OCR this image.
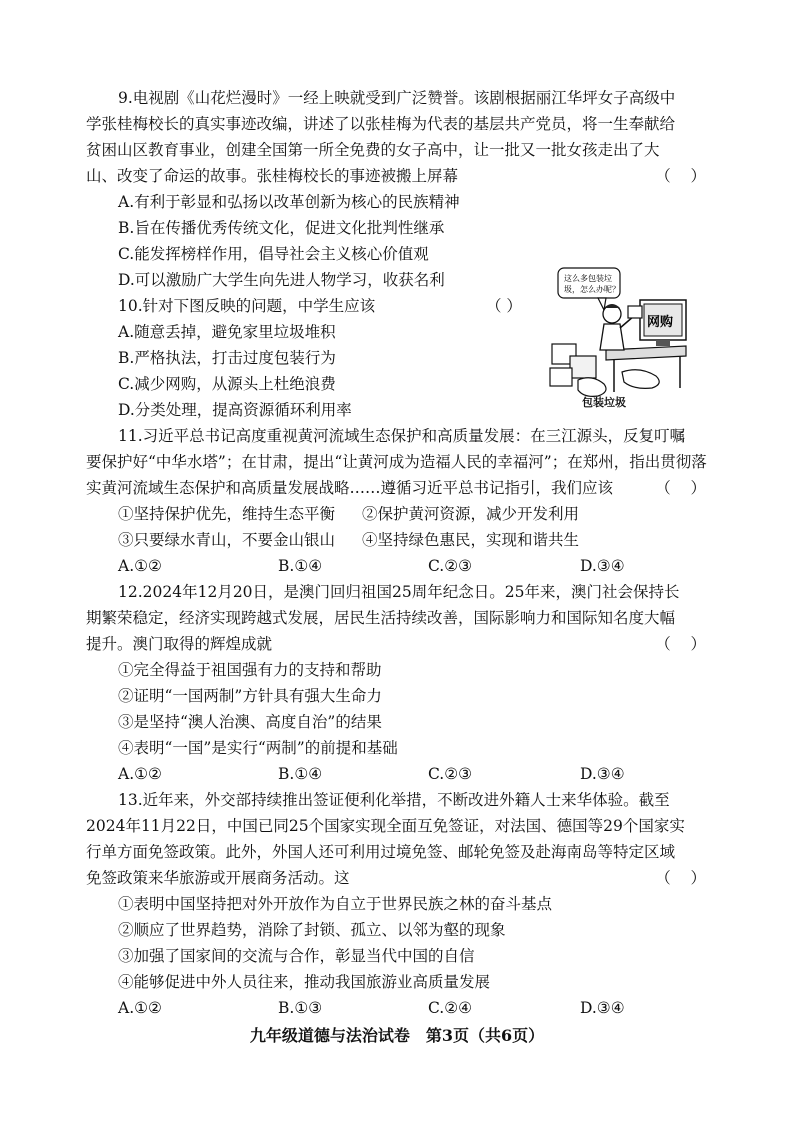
9.电视剧《山花烂漫时》一经上映就受到广泛赞誉。该剧根据丽江华坪女子高级中
学张桂梅校长的真实事迹改编，讲述了以张桂梅为代表的基层共产党员，将一生奉献给
贫困山区教育事业，创建全国第一所全免费的女子高中，让一批又一批女孩走出了大
山、改变了命运的故事。张桂梅校长的事迹被搬上屏幕	（    ）
A.有利于彰显和弘扬以改革创新为核心的民族精神
B.旨在传播优秀传统文化，促进文化批判性继承
C.能发挥榜样作用，倡导社会主义核心价值观
D.可以激励广大学生向先进人物学习，收获名利
10.针对下图反映的问题，中学生应该	（ ）
A.随意丢掉，避免家里垃圾堆积
B.严格执法，打击过度包装行为
C.减少网购，从源头上杜绝浪费
D.分类处理，提高资源循环利用率
这么多包装垃
圾，怎么办呢？
网购
包装垃圾
11.习近平总书记高度重视黄河流域生态保护和高质量发展：在三江源头，反复叮嘱
要保护好“中华水塔”；在甘肃，提出“让黄河成为造福人民的幸福河”；在郑州，指出贯彻落
实黄河流域生态保护和高质量发展战略……遵循习近平总书记指引，我们应该	（    ）
①坚持保护优先，维持生态平衡 ②保护黄河资源，减少开发利用
③只要绿水青山，不要金山银山 ④坚持绿色惠民，实现和谐共生
A.①②	B.①④	C.②③	D.③④
12.2024年12月20日，是澳门回归祖国25周年纪念日。25年来，澳门社会保持长
期繁荣稳定，经济实现跨越式发展，居民生活持续改善，国际影响力和国际知名度大幅
提升。澳门取得的辉煌成就	（    ）
①完全得益于祖国强有力的支持和帮助
②证明“一国两制”方针具有强大生命力
③是坚持“澳人治澳、高度自治”的结果
④表明“一国”是实行“两制”的前提和基础
A.①②	B.①④	C.②③	D.③④
13.近年来，外交部持续推出签证便利化举措，不断改进外籍人士来华体验。截至
2024年11月22日，中国已同25个国家实现全面互免签证，对法国、德国等29个国家实
行单方面免签政策。此外，外国人还可利用过境免签、邮轮免签及赴海南岛等特定区域
免签政策来华旅游或开展商务活动。这	（    ）
①表明中国坚持把对外开放作为自立于世界民族之林的奋斗基点
②顺应了世界趋势，消除了封锁、孤立、以邻为壑的现象
③加强了国家间的交流与合作，彰显当代中国的自信
④能够促进中外人员往来，推动我国旅游业高质量发展
A.①②	B.①③	C.②④	D.③④
九年级道德与法治试卷　第3页（共6页）
